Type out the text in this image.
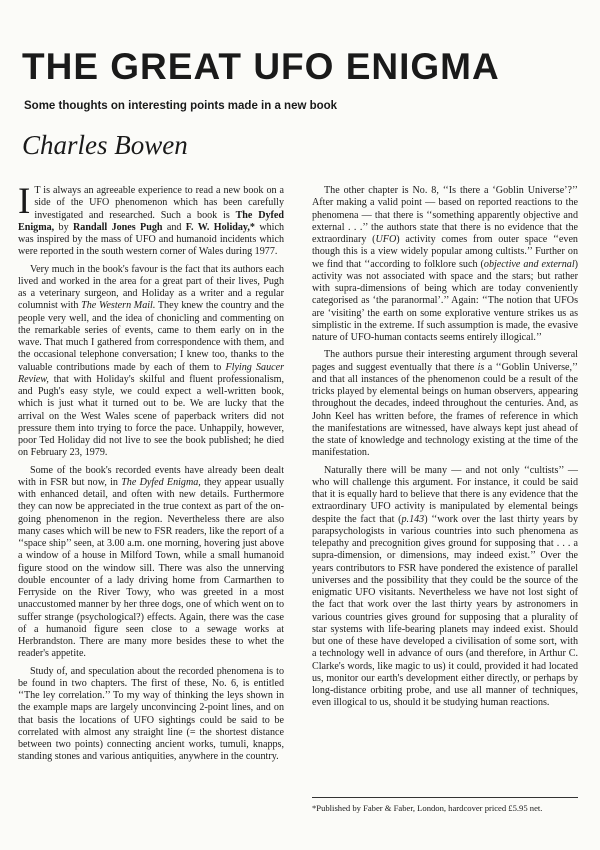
THE GREAT UFO ENIGMA
Some thoughts on interesting points made in a new book
Charles Bowen

I T is always an agreeable experience to read a new book on a side of the UFO phenomenon which has been carefully investigated and researched. Such a book is The Dyfed Enigma, by Randall Jones Pugh and F. W. Holiday,* which was inspired by the mass of UFO and humanoid incidents which were reported in the south western corner of Wales during 1977.

Very much in the book's favour is the fact that its authors each lived and worked in the area for a great part of their lives, Pugh as a veterinary surgeon, and Holiday as a writer and a regular columnist with The Western Mail. They knew the country and the people very well, and the idea of chonicling and commenting on the remarkable series of events, came to them early on in the wave. That much I gathered from correspondence with them, and the occasional telephone conversation; I knew too, thanks to the valuable contributions made by each of them to Flying Saucer Review, that with Holiday's skilful and fluent professionalism, and Pugh's easy style, we could expect a well-written book, which is just what it turned out to be. We are lucky that the arrival on the West Wales scene of paperback writers did not pressure them into trying to force the pace. Unhappily, however, poor Ted Holiday did not live to see the book published; he died on February 23, 1979.

Some of the book's recorded events have already been dealt with in FSR but now, in The Dyfed Enigma, they appear usually with enhanced detail, and often with new details. Furthermore they can now be appreciated in the true context as part of the on-going phenomenon in the region. Nevertheless there are also many cases which will be new to FSR readers, like the report of a ‘‘space ship’’ seen, at 3.00 a.m. one morning, hovering just above a window of a house in Milford Town, while a small humanoid figure stood on the window sill. There was also the unnerving double encounter of a lady driving home from Carmarthen to Ferryside on the River Towy, who was greeted in a most unaccustomed manner by her three dogs, one of which went on to suffer strange (psychological?) effects. Again, there was the case of a humanoid figure seen close to a sewage works at Herbrandston. There are many more besides these to whet the reader's appetite.

Study of, and speculation about the recorded phenomena is to be found in two chapters. The first of these, No. 6, is entitled ‘‘The ley correlation.’’ To my way of thinking the leys shown in the example maps are largely unconvincing 2-point lines, and on that basis the locations of UFO sightings could be said to be correlated with almost any straight line (= the shortest distance between two points) connecting ancient works, tumuli, knapps, standing stones and various antiquities, anywhere in the country.

The other chapter is No. 8, ‘‘Is there a ‘Goblin Universe’?’’ After making a valid point — based on reported reactions to the phenomena — that there is ‘‘something apparently objective and external . . .’’ the authors state that there is no evidence that the extraordinary (UFO) activity comes from outer space ‘‘even though this is a view widely popular among cultists.’’ Further on we find that ‘‘according to folklore such (objective and external) activity was not associated with space and the stars; but rather with supra-dimensions of being which are today conveniently categorised as ‘the paranormal’.’’ Again: ‘‘The notion that UFOs are ‘visiting’ the earth on some explorative venture strikes us as simplistic in the extreme. If such assumption is made, the evasive nature of UFO-human contacts seems entirely illogical.’’

The authors pursue their interesting argument through several pages and suggest eventually that there is a ‘‘Goblin Universe,’’ and that all instances of the phenomenon could be a result of the tricks played by elemental beings on human observers, appearing throughout the decades, indeed throughout the centuries. And, as John Keel has written before, the frames of reference in which the manifestations are witnessed, have always kept just ahead of the state of knowledge and technology existing at the time of the manifestation.

Naturally there will be many — and not only ‘‘cultists’’ — who will challenge this argument. For instance, it could be said that it is equally hard to believe that there is any evidence that the extraordinary UFO activity is manipulated by elemental beings despite the fact that (p.143) ‘‘work over the last thirty years by parapsychologists in various countries into such phenomena as telepathy and precognition gives ground for supposing that . . . a supra-dimension, or dimensions, may indeed exist.’’ Over the years contributors to FSR have pondered the existence of parallel universes and the possibility that they could be the source of the enigmatic UFO visitants. Nevertheless we have not lost sight of the fact that work over the last thirty years by astronomers in various countries gives ground for supposing that a plurality of star systems with life-bearing planets may indeed exist. Should but one of these have developed a civilisation of some sort, with a technology well in advance of ours (and therefore, in Arthur C. Clarke's words, like magic to us) it could, provided it had located us, monitor our earth's development either directly, or perhaps by long-distance orbiting probe, and use all manner of techniques, even illogical to us, should it be studying human reactions.

*Published by Faber & Faber, London, hardcover priced £5.95 net.
